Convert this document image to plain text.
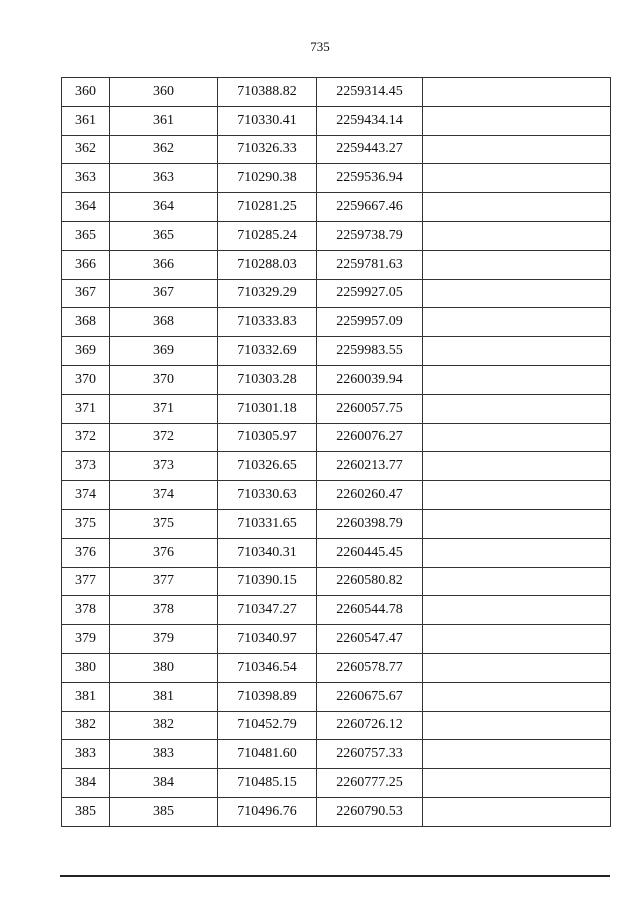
735
360	360	710388.82	2259314.45	
361	361	710330.41	2259434.14	
362	362	710326.33	2259443.27	
363	363	710290.38	2259536.94	
364	364	710281.25	2259667.46	
365	365	710285.24	2259738.79	
366	366	710288.03	2259781.63	
367	367	710329.29	2259927.05	
368	368	710333.83	2259957.09	
369	369	710332.69	2259983.55	
370	370	710303.28	2260039.94	
371	371	710301.18	2260057.75	
372	372	710305.97	2260076.27	
373	373	710326.65	2260213.77	
374	374	710330.63	2260260.47	
375	375	710331.65	2260398.79	
376	376	710340.31	2260445.45	
377	377	710390.15	2260580.82	
378	378	710347.27	2260544.78	
379	379	710340.97	2260547.47	
380	380	710346.54	2260578.77	
381	381	710398.89	2260675.67	
382	382	710452.79	2260726.12	
383	383	710481.60	2260757.33	
384	384	710485.15	2260777.25	
385	385	710496.76	2260790.53	
